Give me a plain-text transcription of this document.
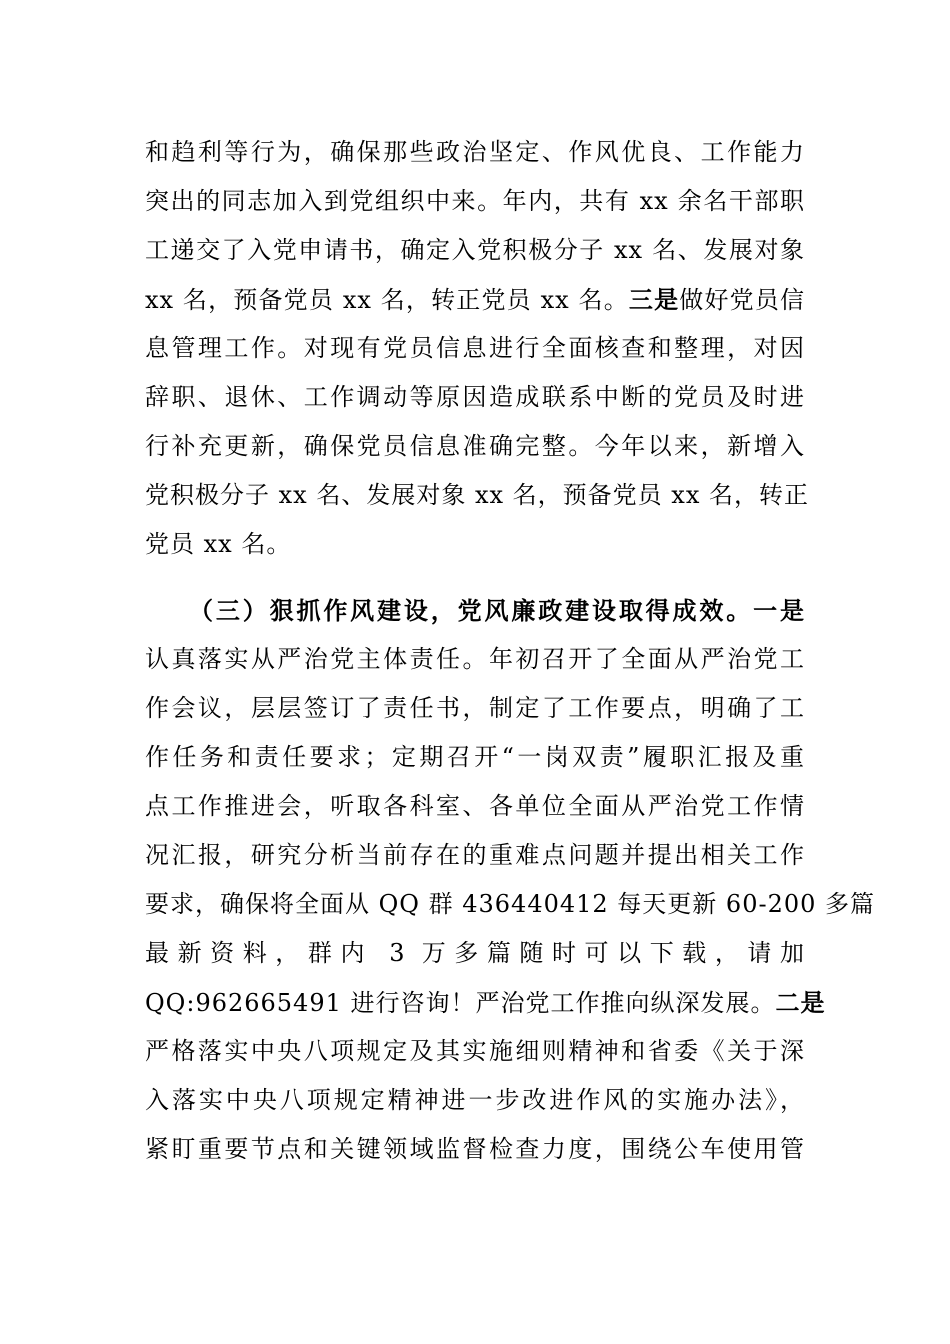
和趋利等行为，确保那些政治坚定、作风优良、工作能力
突出的同志加入到党组织中来。年内，共有 xx 余名干部职
工递交了入党申请书，确定入党积极分子 xx 名、发展对象
xx 名，预备党员 xx 名，转正党员 xx 名。三是做好党员信
息管理工作。对现有党员信息进行全面核查和整理，对因
辞职、退休、工作调动等原因造成联系中断的党员及时进
行补充更新，确保党员信息准确完整。今年以来，新增入
党积极分子 xx 名、发展对象 xx 名，预备党员 xx 名，转正
党员 xx 名。
（三）狠抓作风建设，党风廉政建设取得成效。一是
认真落实从严治党主体责任。年初召开了全面从严治党工
作会议，层层签订了责任书，制定了工作要点，明确了工
作任务和责任要求；定期召开“一岗双责”履职汇报及重
点工作推进会，听取各科室、各单位全面从严治党工作情
况汇报，研究分析当前存在的重难点问题并提出相关工作
要求，确保将全面从 QQ 群 436440412 每天更新 60-200 多篇
最新资料，群内 3 万多篇随时可以下载，请加
QQ:962665491 进行咨询！严治党工作推向纵深发展。二是
严格落实中央八项规定及其实施细则精神和省委《关于深
入落实中央八项规定精神进一步改进作风的实施办法》，
紧盯重要节点和关键领域监督检查力度，围绕公车使用管
